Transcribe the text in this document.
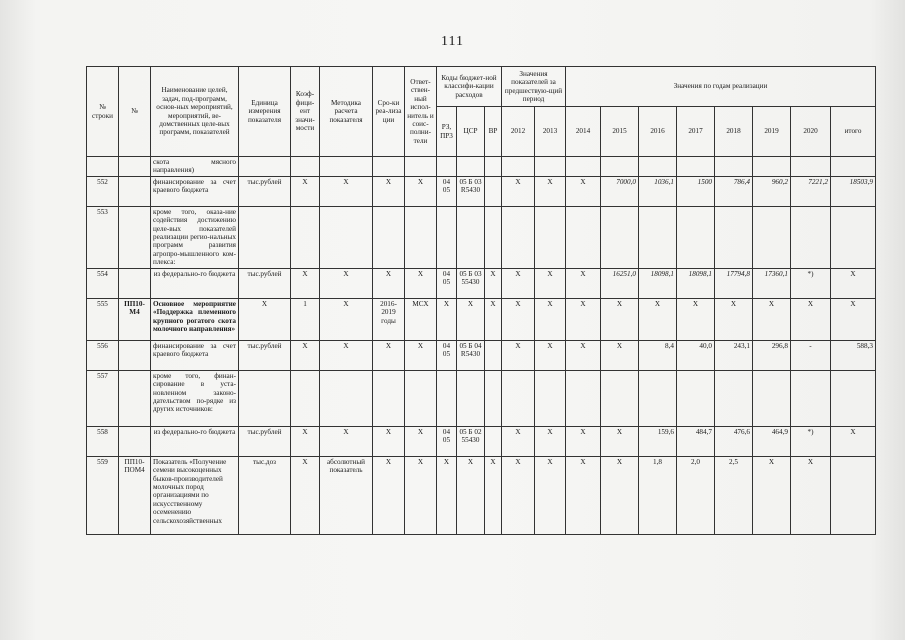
111
№ строки	№	Наименование целей, задач, под-программ, основ-ных мероприятий, мероприятий, ве-домственных целе-вых программ, показателей	Единица измерения показателя	Коэф-фици-ент значи-мости	Методика расчета показателя	Сро-ки реа-лиза ции	Ответ-ствен-ный испол-нитель и соис-полни-тели	Коды бюджет-ной классифи-кации расходов			Значения показателей за предшествую-щий период		Значения по годам реализации							
								РЗ, ПР3	ЦСР	ВР	2012	2013	2014	2015	2016	2017	2018	2019	2020	итого
		скота мясного направления)																		
552		финансирование за счет краевого бюджета	тыс.рублей	Х	Х	Х	Х	04 05	05 Б 03 R5430		Х	Х	Х	7000,0	1036,1	1500	786,4	960,2	7221,2	18503,9
553		кроме того, оказа-ние содействия достижению целе-вых показателей реализации регио-нальных программ развития агропро-мышленного ком-плекса:																		
554		из федерально-го бюджета	тыс.рублей	Х	Х	Х	Х	04 05	05 Б 03 55430	Х	Х	Х	Х	16251,0	18098,1	18098,1	17794,8	17360,1	*)	Х
555	ПП10-М4	Основное мероприятие «Поддержка племенного крупного рогатого скота молочного направления»	Х	1	Х	2016-2019 годы	МСХ	Х	Х	Х	Х	Х	Х	Х	Х	Х	Х	Х	Х	Х
556		финансирование за счет краевого бюджета	тыс.рублей	Х	Х	Х	Х	04 05	05 Б 04 R5430		Х	Х	Х	Х	8,4	40,0	243,1	296,8	-	588,3
557		кроме того, финан-сирование в уста-новленном законо-дательством по-рядке из других источников:																		
558		из федерально-го бюджета	тыс.рублей	Х	Х	Х	Х	04 05	05 Б 02 55430		Х	Х	Х	Х	159,6	484,7	476,6	464,9	*)	Х
559	ПП10-ПОМ4	Показатель «Получение семени высокоценных быков-производителей молочных пород организациями по искусственному осеменению сельскохозяйственных	тыс.доз	Х	абсолютный показатель	Х	Х	Х	Х	Х	Х	Х	Х	Х	1,8	2,0	2,5	Х	Х	
